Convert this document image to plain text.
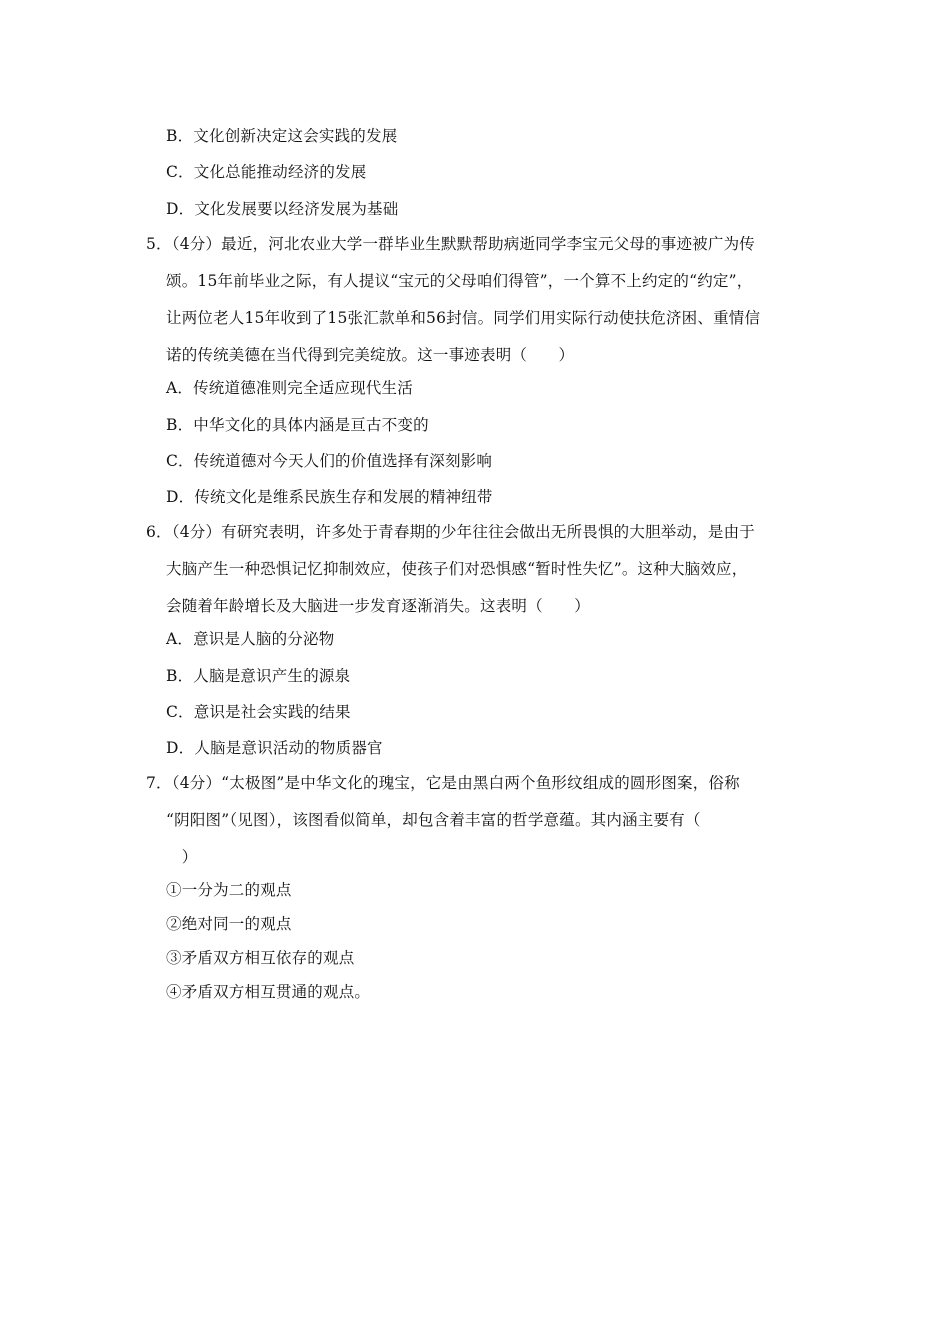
B．文化创新决定这会实践的发展
C．文化总能推动经济的发展
D．文化发展要以经济发展为基础
5．（4分）最近，河北农业大学一群毕业生默默帮助病逝同学李宝元父母的事迹被广为传
颂。15年前毕业之际，有人提议“宝元的父母咱们得管”，一个算不上约定的“约定”，
让两位老人15年收到了15张汇款单和56封信。同学们用实际行动使扶危济困、重情信
诺的传统美德在当代得到完美绽放。这一事迹表明（　　）
A．传统道德准则完全适应现代生活
B．中华文化的具体内涵是亘古不变的
C．传统道德对今天人们的价值选择有深刻影响
D．传统文化是维系民族生存和发展的精神纽带
6．（4分）有研究表明，许多处于青春期的少年往往会做出无所畏惧的大胆举动，是由于
大脑产生一种恐惧记忆抑制效应，使孩子们对恐惧感“暂时性失忆”。这种大脑效应，
会随着年龄增长及大脑进一步发育逐渐消失。这表明（　　）
A．意识是人脑的分泌物
B．人脑是意识产生的源泉
C．意识是社会实践的结果
D．人脑是意识活动的物质器官
7．（4分）“太极图”是中华文化的瑰宝，它是由黑白两个鱼形纹组成的圆形图案，俗称
“阴阳图”（见图），该图看似简单，却包含着丰富的哲学意蕴。其内涵主要有（
　）
①一分为二的观点
②绝对同一的观点
③矛盾双方相互依存的观点
④矛盾双方相互贯通的观点。
